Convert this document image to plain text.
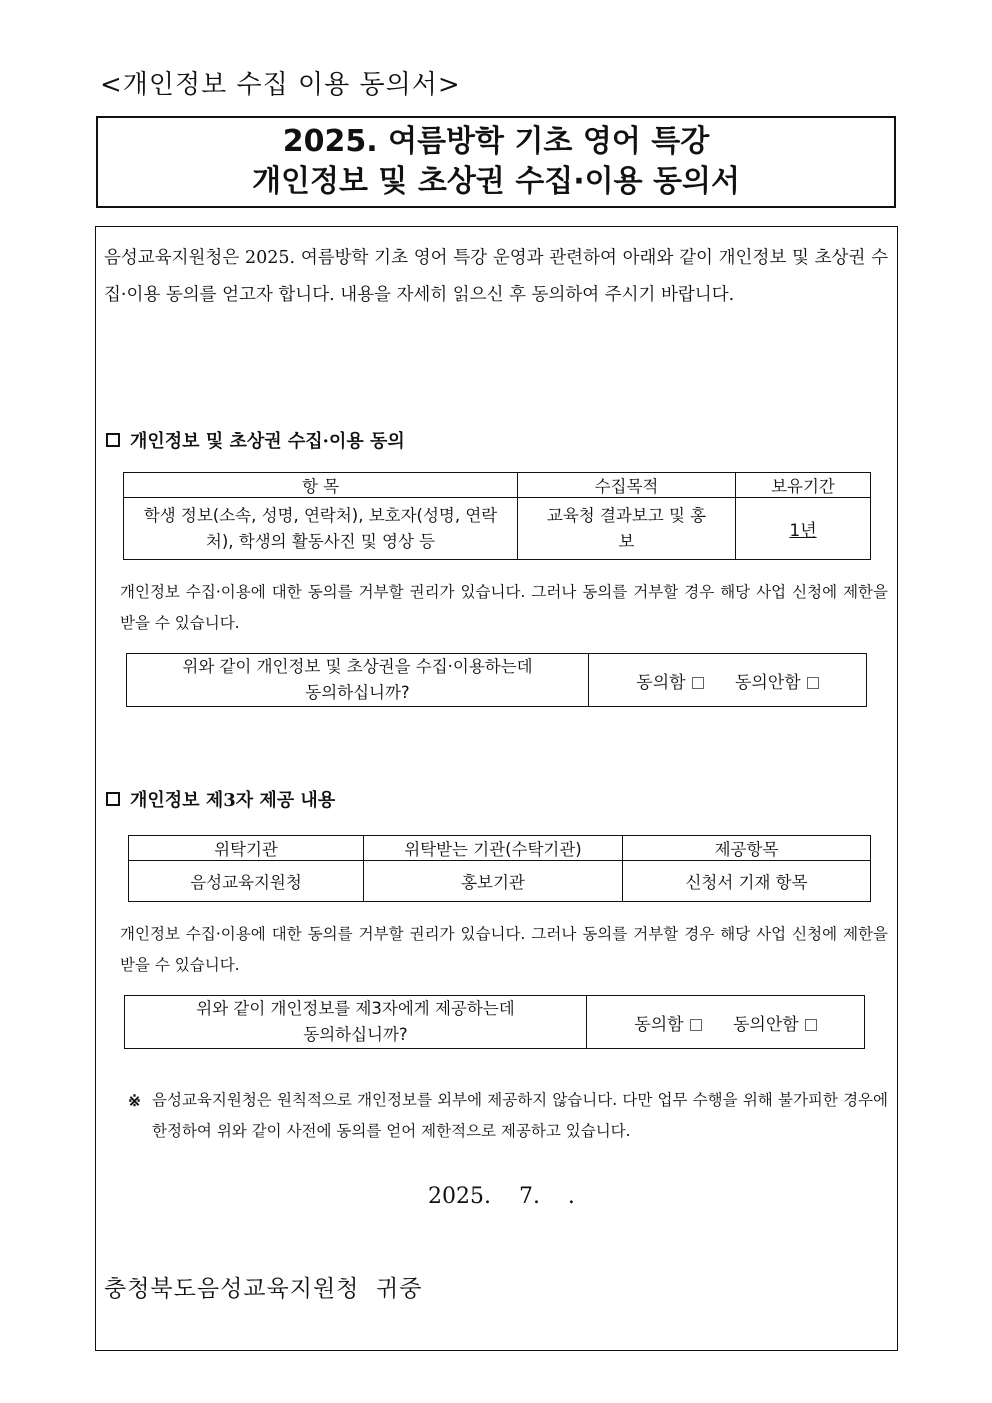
<개인정보 수집 이용 동의서>
2025. 여름방학 기초 영어 특강
개인정보 및 초상권 수집·이용 동의서
음성교육지원청은 2025. 여름방학 기초 영어 특강 운영과 관련하여 아래와 같이 개인정보 및 초상권 수집·이용 동의를 얻고자 합니다. 내용을 자세히 읽으신 후 동의하여 주시기 바랍니다.
개인정보 및 초상권 수집·이용 동의
항 목	수집목적	보유기간
학생 정보(소속, 성명, 연락처), 보호자(성명, 연락처), 학생의 활동사진 및 영상 등	교육청 결과보고 및 홍보	1년
개인정보 수집·이용에 대한 동의를 거부할 권리가 있습니다. 그러나 동의를 거부할 경우 해당 사업 신청에 제한을 받을 수 있습니다.
위와 같이 개인정보 및 초상권을 수집·이용하는데
동의하십니까?	동의함	동의안함
개인정보 제3자 제공 내용
위탁기관	위탁받는 기관(수탁기관)	제공항목
음성교육지원청	홍보기관	신청서 기재 항목
개인정보 수집·이용에 대한 동의를 거부할 권리가 있습니다. 그러나 동의를 거부할 경우 해당 사업 신청에 제한을 받을 수 있습니다.
위와 같이 개인정보를 제3자에게 제공하는데
동의하십니까?	동의함	동의안함
※ 음성교육지원청은 원칙적으로 개인정보를 외부에 제공하지 않습니다. 다만 업무 수행을 위해 불가피한 경우에 한정하여 위와 같이 사전에 동의를 얻어 제한적으로 제공하고 있습니다.
2025.    7.    .
충청북도음성교육지원청  귀중
